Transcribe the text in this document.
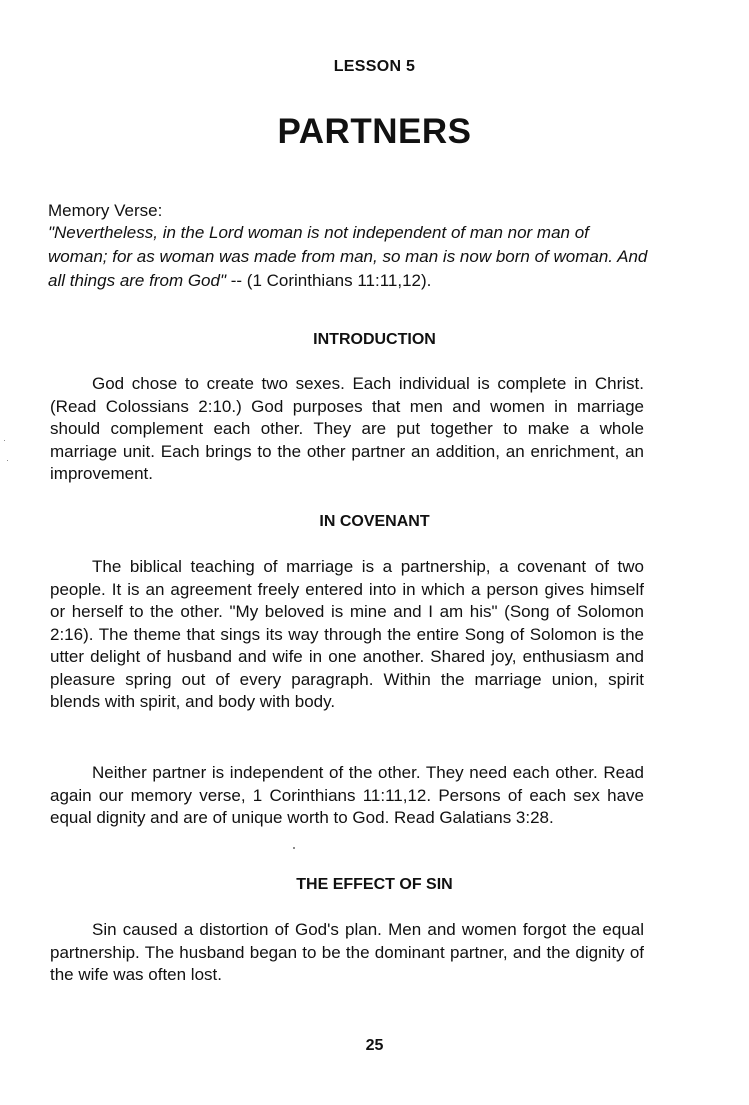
LESSON 5
PARTNERS
Memory Verse:
"Nevertheless, in the Lord woman is not independent of man nor man of woman; for as woman was made from man, so man is now born of woman. And all things are from God" -- (1 Corinthians 11:11,12).
INTRODUCTION
God chose to create two sexes. Each individual is complete in Christ. (Read Colossians 2:10.) God purposes that men and women in marriage should complement each other. They are put together to make a whole marriage unit. Each brings to the other partner an addition, an enrichment, an improvement.
IN COVENANT
The biblical teaching of marriage is a partnership, a covenant of two people. It is an agreement freely entered into in which a person gives himself or herself to the other. "My beloved is mine and I am his" (Song of Solomon 2:16). The theme that sings its way through the entire Song of Solomon is the utter delight of husband and wife in one another. Shared joy, enthusiasm and pleasure spring out of every paragraph. Within the marriage union, spirit blends with spirit, and body with body.
Neither partner is independent of the other. They need each other. Read again our memory verse, 1 Corinthians 11:11,12. Persons of each sex have equal dignity and are of unique worth to God. Read Galatians 3:28.
THE EFFECT OF SIN
Sin caused a distortion of God's plan. Men and women forgot the equal partnership. The husband began to be the dominant partner, and the dignity of the wife was often lost.
25
